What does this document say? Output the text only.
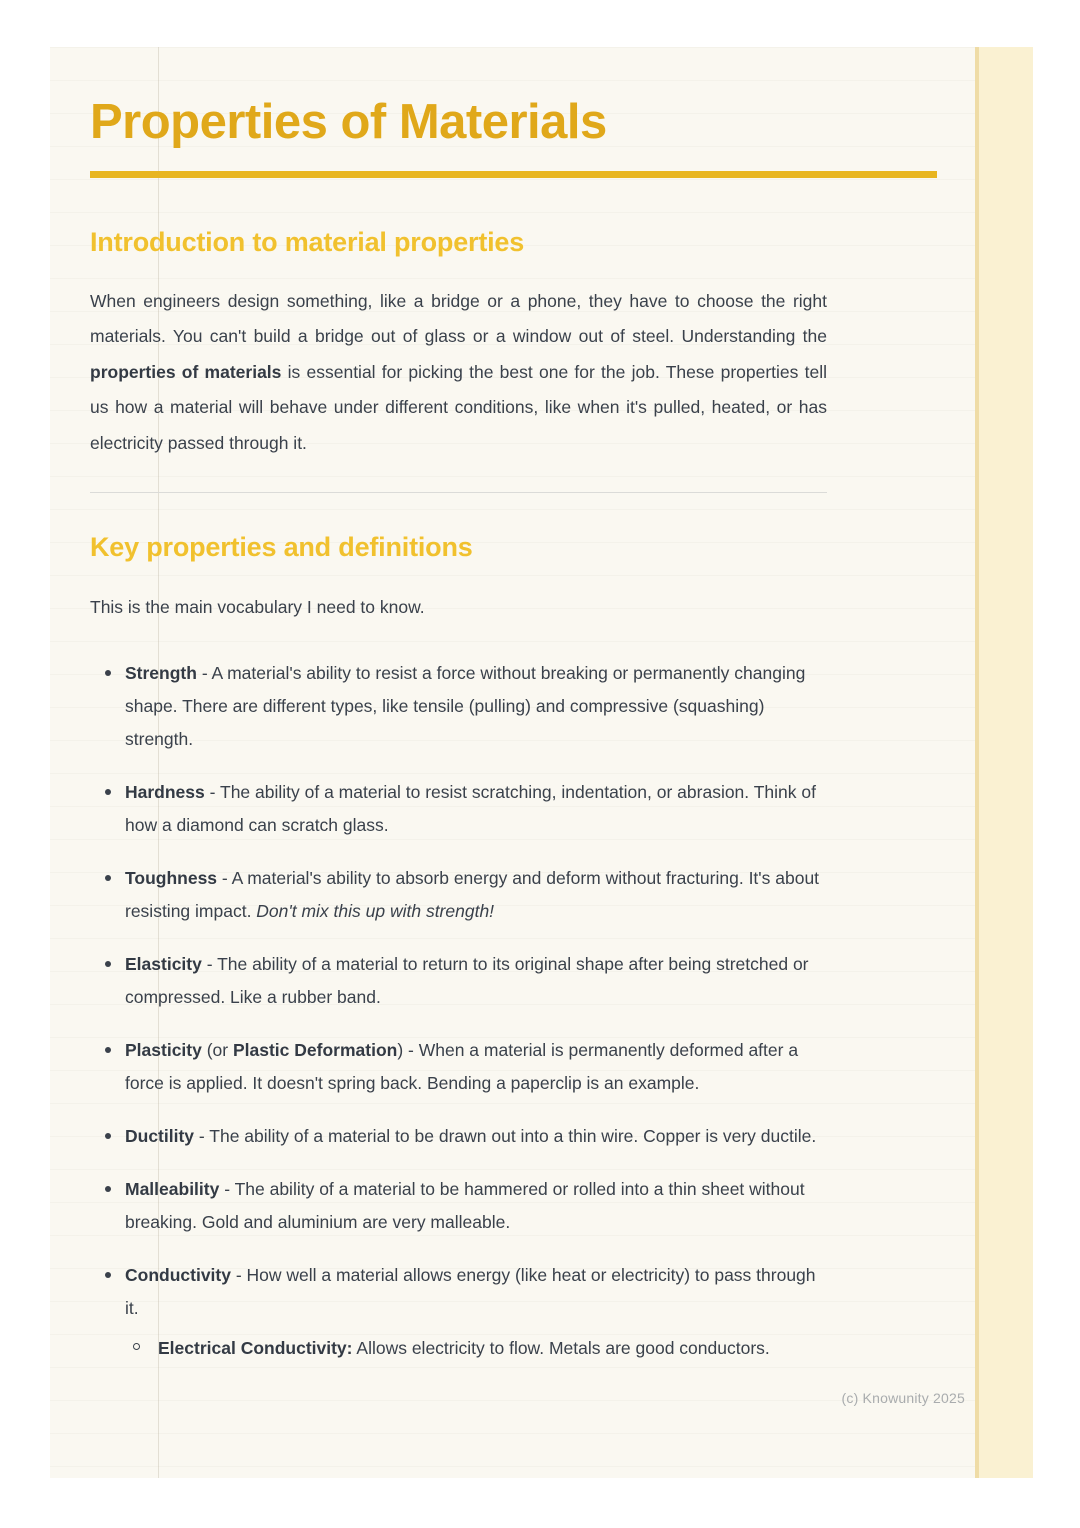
Properties of Materials
Introduction to material properties

When engineers design something, like a bridge or a phone, they have to choose the right materials. You can't build a bridge out of glass or a window out of steel. Understanding the properties of materials is essential for picking the best one for the job. These properties tell us how a material will behave under different conditions, like when it's pulled, heated, or has electricity passed through it.

Key properties and definitions

This is the main vocabulary I need to know.

Strength - A material's ability to resist a force without breaking or permanently changing shape. There are different types, like tensile (pulling) and compressive (squashing) strength.
Hardness - The ability of a material to resist scratching, indentation, or abrasion. Think of how a diamond can scratch glass.
Toughness - A material's ability to absorb energy and deform without fracturing. It's about resisting impact. Don't mix this up with strength!
Elasticity - The ability of a material to return to its original shape after being stretched or compressed. Like a rubber band.
Plasticity (or Plastic Deformation) - When a material is permanently deformed after a force is applied. It doesn't spring back. Bending a paperclip is an example.
Ductility - The ability of a material to be drawn out into a thin wire. Copper is very ductile.
Malleability - The ability of a material to be hammered or rolled into a thin sheet without breaking. Gold and aluminium are very malleable.
Conductivity - How well a material allows energy (like heat or electricity) to pass through it.
Electrical Conductivity: Allows electricity to flow. Metals are good conductors.
(c) Knowunity 2025
